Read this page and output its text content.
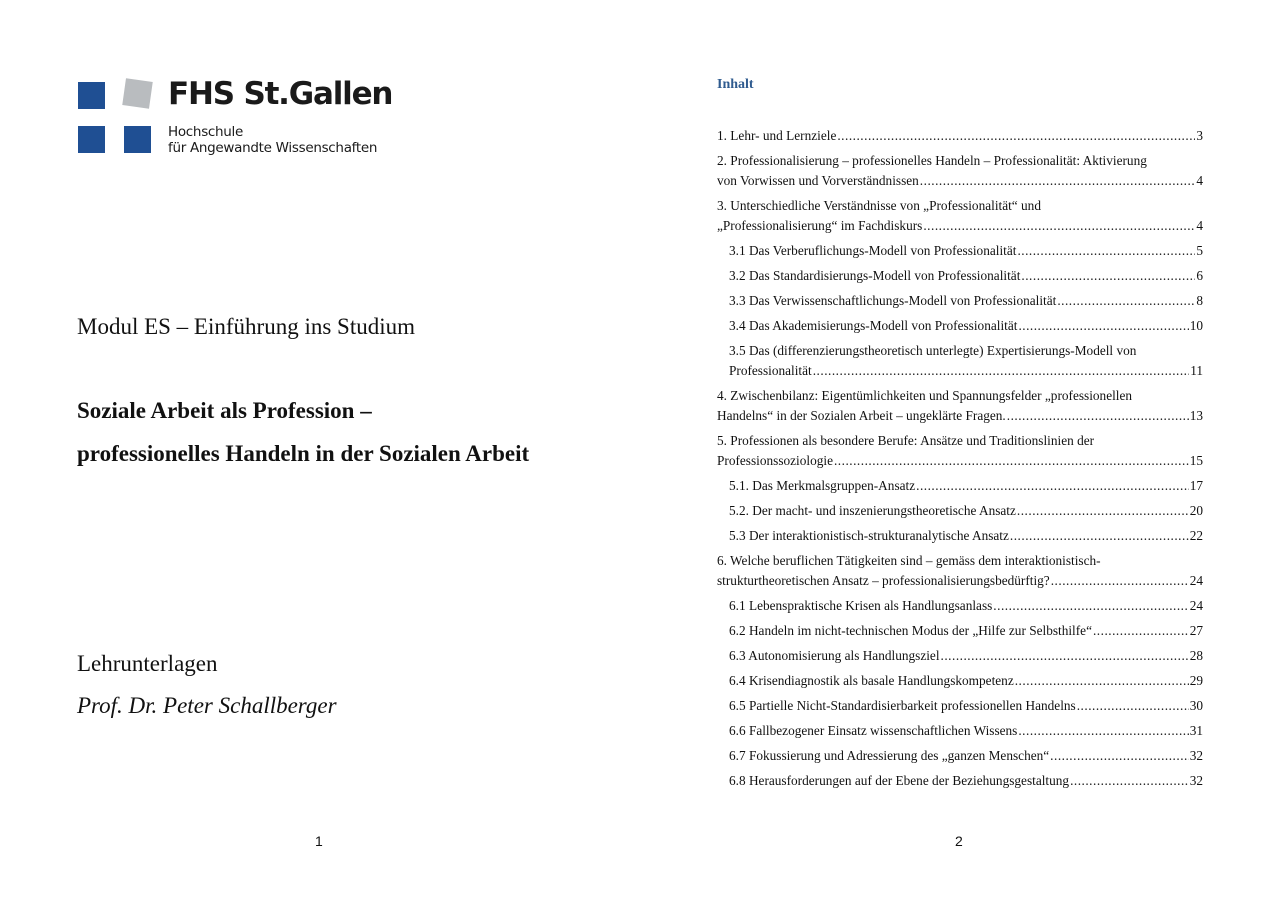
FHS St.Gallen
Hochschule
für Angewandte Wissenschaften
Modul ES – Einführung ins Studium
Soziale Arbeit als Profession –
professionelles Handeln in der Sozialen Arbeit
Lehrunterlagen
Prof. Dr. Peter Schallberger
1
Inhalt
1. Lehr- und Lernziele .....	3
2. Professionalisierung – professionelles Handeln – Professionalität: Aktivierung
von Vorwissen und Vorverständnissen .....	4
3. Unterschiedliche Verständnisse von „Professionalität“ und
„Professionalisierung“ im Fachdiskurs .....	4
3.1 Das Verberuflichungs-Modell von Professionalität .....	5
3.2 Das Standardisierungs-Modell von Professionalität .....	6
3.3 Das Verwissenschaftlichungs-Modell von Professionalität .....	8
3.4 Das Akademisierungs-Modell von Professionalität .....	10
3.5 Das (differenzierungstheoretisch unterlegte) Expertisierungs-Modell von
Professionalität .....	11
4. Zwischenbilanz: Eigentümlichkeiten und Spannungsfelder „professionellen
Handelns“ in der Sozialen Arbeit – ungeklärte Fragen. .....	13
5. Professionen als besondere Berufe: Ansätze und Traditionslinien der
Professionssoziologie .....	15
5.1. Das Merkmalsgruppen-Ansatz .....	17
5.2. Der macht- und inszenierungstheoretische Ansatz .....	20
5.3 Der interaktionistisch-strukturanalytische Ansatz .....	22
6. Welche beruflichen Tätigkeiten sind – gemäss dem interaktionistisch-
strukturtheoretischen Ansatz – professionalisierungsbedürftig? .....	24
6.1 Lebenspraktische Krisen als Handlungsanlass .....	24
6.2 Handeln im nicht-technischen Modus der „Hilfe zur Selbsthilfe“ .....	27
6.3 Autonomisierung als Handlungsziel .....	28
6.4 Krisendiagnostik als basale Handlungskompetenz .....	29
6.5 Partielle Nicht-Standardisierbarkeit professionellen Handelns .....	30
6.6 Fallbezogener Einsatz wissenschaftlichen Wissens .....	31
6.7 Fokussierung und Adressierung des „ganzen Menschen“ .....	32
6.8 Herausforderungen auf der Ebene der Beziehungsgestaltung .....	32
2
